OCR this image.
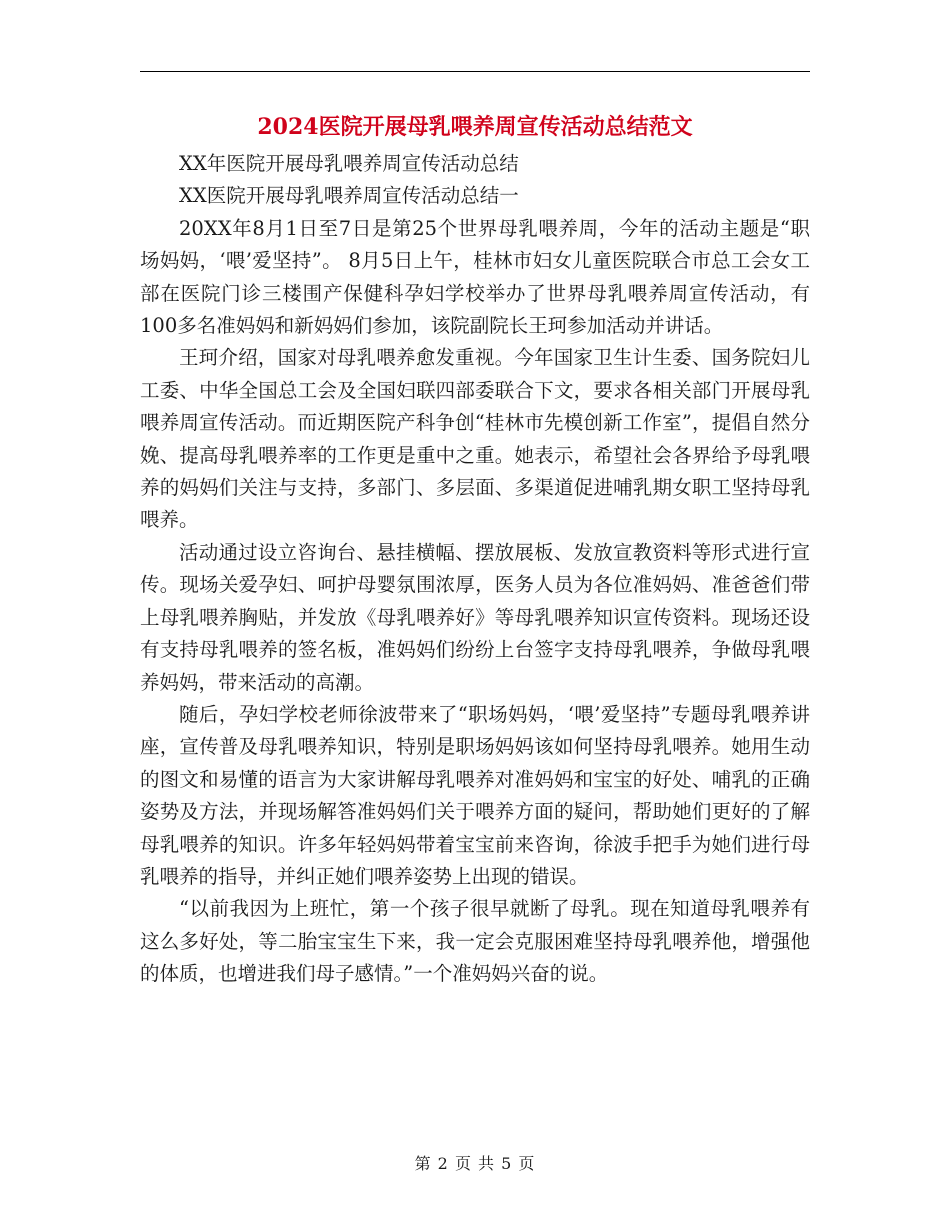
2024医院开展母乳喂养周宣传活动总结范文

XX年医院开展母乳喂养周宣传活动总结

XX医院开展母乳喂养周宣传活动总结一

20XX年8月1日至7日是第25个世界母乳喂养周，今年的活动主题是“职场妈妈，‘喂’爱坚持”。 8月5日上午，桂林市妇女儿童医院联合市总工会女工部在医院门诊三楼围产保健科孕妇学校举办了世界母乳喂养周宣传活动，有100多名准妈妈和新妈妈们参加，该院副院长王珂参加活动并讲话。

王珂介绍，国家对母乳喂养愈发重视。今年国家卫生计生委、国务院妇儿工委、中华全国总工会及全国妇联四部委联合下文，要求各相关部门开展母乳喂养周宣传活动。而近期医院产科争创“桂林市先模创新工作室”，提倡自然分娩、提高母乳喂养率的工作更是重中之重。她表示，希望社会各界给予母乳喂养的妈妈们关注与支持，多部门、多层面、多渠道促进哺乳期女职工坚持母乳喂养。

活动通过设立咨询台、悬挂横幅、摆放展板、发放宣教资料等形式进行宣传。现场关爱孕妇、呵护母婴氛围浓厚，医务人员为各位准妈妈、准爸爸们带上母乳喂养胸贴，并发放《母乳喂养好》等母乳喂养知识宣传资料。现场还设有支持母乳喂养的签名板，准妈妈们纷纷上台签字支持母乳喂养，争做母乳喂养妈妈，带来活动的高潮。

随后，孕妇学校老师徐波带来了“职场妈妈，‘喂’爱坚持”专题母乳喂养讲座，宣传普及母乳喂养知识，特别是职场妈妈该如何坚持母乳喂养。她用生动的图文和易懂的语言为大家讲解母乳喂养对准妈妈和宝宝的好处、哺乳的正确姿势及方法，并现场解答准妈妈们关于喂养方面的疑问，帮助她们更好的了解母乳喂养的知识。许多年轻妈妈带着宝宝前来咨询，徐波手把手为她们进行母乳喂养的指导，并纠正她们喂养姿势上出现的错误。

“以前我因为上班忙，第一个孩子很早就断了母乳。现在知道母乳喂养有这么多好处，等二胎宝宝生下来，我一定会克服困难坚持母乳喂养他，增强他的体质，也增进我们母子感情。”一个准妈妈兴奋的说。

第 2 页 共 5 页
